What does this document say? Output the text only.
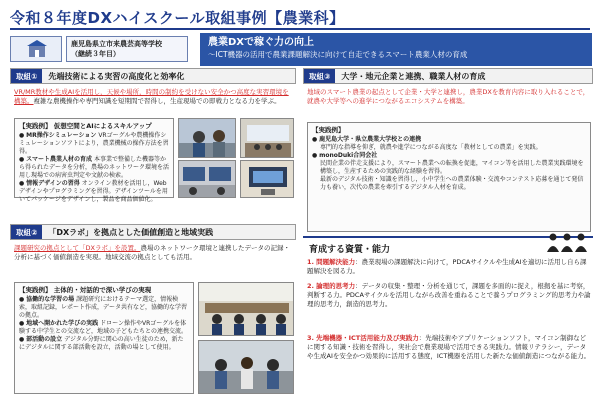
令和８年度DXハイスクール取組事例【農業科】
鹿児島県立市来農芸高等学校
（継続３年目）
農業DXで稼ぐ力の向上
～ICT機器の活用で農業課題解決に向けて自走できるスマート農業人材の育成
取組①	先端技術による実習の高度化と効率化
VR/MR教材や生成AIを活用し，天候や場所，時間の制約を受けない安全かつ高度な実習環境を構築。複雑な農機操作や専門知識を短期間で習得し，生産現場での即戦力となる力を学ぶ。
【実践例】 仮想空間とAIによるスキルアップ
● MR操作シミュレーション VRゴーグルや農機操作シミュレーションソフトにより，農業機械の操作方法を習得。
● スマート農業人材の育成 本事業で整備した機器等から得られたデータを分析，農場のネットワーク環境を活用し現場での病害虫判定や文献の検索。
● 情報デザインの習得 オンライン教材を活用し，Webデザインやプログラミングを習得。デザインツールを用いてパッケージをデザインし，製品を商品価値化。
取組②	「DXラボ」を拠点とした価値創造と地域実践
課題研究の拠点として「DXラボ」を設置。農場のネットワーク環境と連携したデータの記録・分析に基づく価値創造を実現。地域交流の拠点としても活用。
【実践例】 主体的・対話的で深い学びの実現
● 協働的な学習の場 課題研究におけるテーマ選定，情報検索，取組記録，レポート作成，データ共有など，協働的な学習の拠点。
● 地域へ開かれた学びの実践 ドローン操作やVRゴーグルを体験する中学生との交流など，地域の子どもたちとの連携交流。
● 部活動の設立 デジタル分野に関心の高い生徒のため，新たにデジタルに関する部活動を設立，活動の場として使用。
取組③	大学・地元企業と連携、職業人材の育成
地域のスマート農業の起点として企業・大学と連携し，農業DXを教育内容に取り入れることで，就農や大学等への進学につながるエコシステムを構築。
【実践例】
● 鹿児島大学・県立農業大学校との連携
専門的な指導を仰ぎ，就農や進学につながる高度な「教材としての農業」を実践。
● monoDuki合同会社
民間企業の伴走支援により，スマート農業への転換を促進，マイコン等を活用した農業実践環境を構築し，生産するための実践的な経験を習得。
最新のデジタル技術・知識を習得し，小中学生への農業体験・交流やコンテスト応募を通じて発信力も養い，次代の農業を牽引するデジタル人材を育成。
育成する資質・能力
1. 問題解決能力：農業現場の課題解決に向けて，PDCAサイクルや生成AIを適切に活用し自ら課題解決を図る力。
2. 論理的思考力：データの収集・整理・分析を通じて，課題を多面的に捉え，根拠を基に考察，判断する力。PDCAサイクルを活用しながら改善を重ねることで養うプログラミング的思考力や論理的思考力，創造的思考力。
3. 先端機器・ICT活用能力及び実践力：先端技術やアプリケーションソフト，マイコン制御などに関する知識・技術を習得し，実社会で農業現場で活用できる実践力。情報リテラシー，データや生成AIを安全かつ効果的に活用する態度，ICT機器を活用した新たな価値創造につながる能力。
